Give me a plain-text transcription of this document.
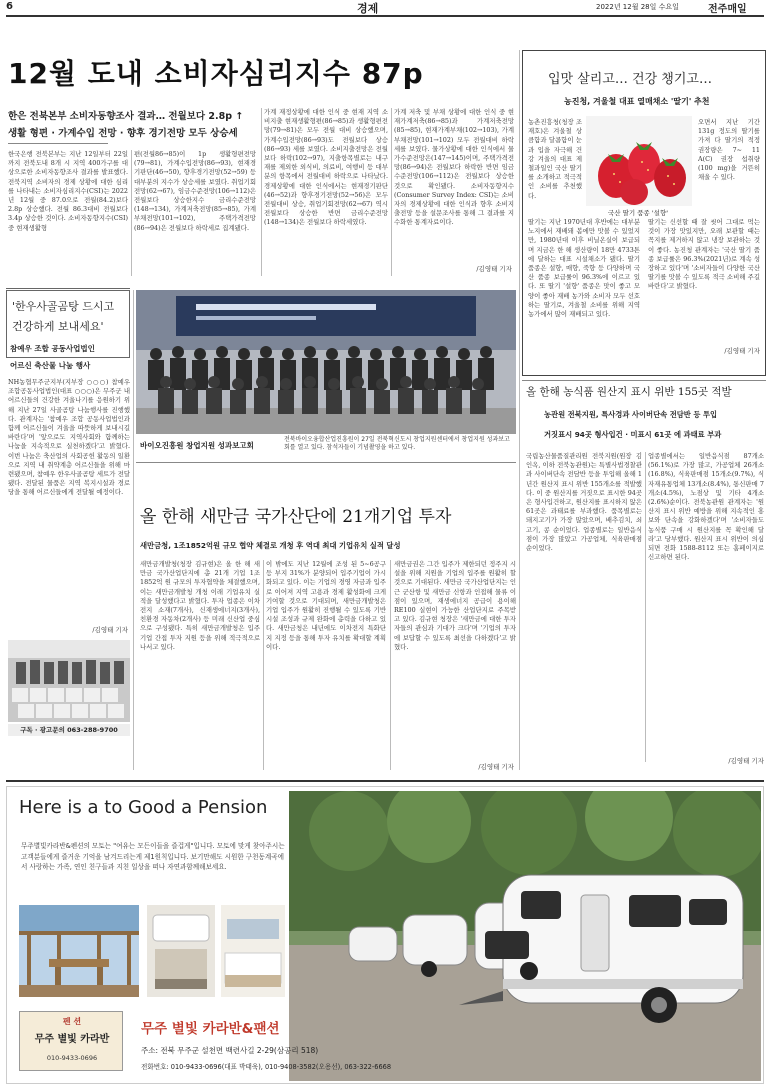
6	경제	2022년 12월 28일 수요일	전주매일
12월 도내 소비자심리지수 87p
한은 전북본부 소비자동향조사 결과… 전월보다 2.8p ↑
생활 형편 · 가계수입 전망 · 향후 경기전망 모두 상승세
한국은행 전북본부는 지난 12일부터 22일까지 전북도내 8개 시 지역 400가구를 대상으로한 소비자동향조사 결과를 발표했다. 전북지역 소비자의 경제 상황에 대한 심리를 나타내는 소비자심리지수(CSI)는 2022년 12월 중 87.0으로 전월(84.2)보다 2.8p 상승했다. 전월 86.3대비 전월보다 3.4p 상승한 것이다. 소비자동향지수(CSI) 중 현재생활형
편(전월86→85)이 1p 생활형편전망(79→81), 가계수입전망(86→93), 현재경기판단(46→50), 향후경기전망(52→59) 등 대부분의 지수가 상승세를 보였다. 취업기회전망(62→67), 임금수준전망(106→112)은 전월보다 상승한지수 금리수준전망(148→134), 가계저축전망(85→85), 가계부채전망(101→102), 주택가격전망(86→94)은 전월보다 하락세로 집계됐다.
가계 재정상황에 대한 인식 중 현재 지역 소비지출 현재생활형편(86→85)과 생활형편전망(79→81)은 모두 전월 대비 상승했으며, 가계수입전망(86→93)도 전월보다 상승(86→93) 세를 보였다. 소비지출전망은 전월보다 하락(102→97), 지출항목별로는 내구재를 제외한 외식비, 의료비, 여행비 등 대부분의 항목에서 전월대비 하락으로 나타났다. 경제상황에 대한 인식에서는 현재경기판단(46→52)과 향후경기전망(52→56)은 모두 전월대비 상승, 취업기회전망(62→67) 역시 전월보다 상승한 반면 금리수준전망(148→134)은 전월보다 하락세였다.
가계 저축 및 부채 상황에 대한 인식 중 현재가계저축(86→85)과 가계저축전망(85→85), 현재가계부채(102→103), 가계부채전망(101→102) 모두 전월대비 하락세를 보였다. 물가상황에 대한 인식에서 물가수준전망은(147→145)이며, 주택가격전망(86→94)은 전월보다 하락한 반면 임금수준전망(106→112)은 전월보다 상승한 것으로 확인됐다. 소비자동향지수(Consumer Survey Index: CSI)는 소비자의 경제상황에 대한 인식과 향후 소비지출전망 등을 설문조사를 통해 그 결과를 지수화한 통계자료이다.
/김영태 기자
입맛 살리고… 건강 챙기고…
농진청, 겨울철 대표 열매채소 '딸기' 추천
국산 딸기 품종 '설향'
농촌진흥청(청장 조재호)은 겨울철 상큼함과 달콤함이 눈과 입을 자극해 건강 겨울의 대표 제철과일인 국산 딸기를 소개하고 적극적인 소비를 추천했다.
오면서 지난 기간 131g 정도의 딸기를 가져 다 딸기의 적정 권장량은 7~ 11 A(C) 권장 섭취량(100 mg)을 거뜬히 채울 수 있다.
딸기는 지난 1970년대 후반에는 대부분 노지에서 재배돼 봄에만 맛볼 수 있었지만, 1980년대 이후 비닐온실이 보급되며 지금은 한 해 생산량이 18만 4733톤에 달하는 대표 시설채소가 됐다. 딸기 품종은 설향, 매향, 죽향 등 다양하며 국산 품종 보급률이 96.3%에 이르고 있다. 또 딸기 '설향' 품종은 맛이 좋고 모양이 좋아 재배 농가와 소비자 모두 선호하는 딸기로, 겨울철 소비를 위해 지역 농가에서 많이 재배되고 있다.
딸기는 신선할 때 잘 씻어 그대로 먹는 것이 가장 맛있지만, 오래 보관할 때는 꼭지를 제거하지 않고 냉장 보관하는 것이 좋다. 농진청 관계자는 '국산 딸기 품종 보급률은 96.3%(2021년)로 계속 성장하고 있다'며 '소비자들이 다양한 국산 딸기를 맛볼 수 있도록 적극 소비해 주길 바란다'고 밝혔다.
/김영태 기자
'한우사골곰탕 드시고
건강하게 보내세요'
참예우 조합 공동사업법인
어르신 축산물 나눔 행사
NH농협무주군지부(지부장 ○○○) 참예우 조합공동사업법인(대표 ○○○)은 무주군 내 어르신들의 건강한 겨울나기를 응원하기 위해 지난 27일 사골곰탕 나눔행사를 진행했다. 관계자는 '참예우 조합 공동사업법인과 함께 어르신들이 겨울을 따뜻하게 보내시길 바란다'며 '앞으로도 지역사회와 함께하는 나눔을 지속적으로 실천하겠다'고 밝혔다. 이번 나눔은 축산업의 사회공헌 활동의 일환으로 지역 내 취약계층 어르신들을 위해 마련됐으며, 참예우 한우사골곰탕 세트가 전달됐다. 전달된 물품은 지역 복지시설과 경로당을 통해 어르신들에게 전달될 예정이다.
/김영태 기자
구독 · 광고문의 063-288-9700
바이오진흥원 창업지원 성과보고회
전북바이오융합산업진흥원이 27일 전북혁신도시 창업지원센터에서 창업지원 성과보고회를 열고 있다. 참석자들이 기념촬영을 하고 있다.
올 한해 새만금 국가산단에 21개기업 투자
새만금청, 1조1852억원 규모 협약 체결로 개청 후 역대 최대 기업유치 실적 달성
새만금개발청(청장 김규현)은 올 한 해 새만금 국가산업단지에 총 21개 기업 1조 1852억 원 규모의 투자협약을 체결했으며, 이는 새만금개발청 개청 이래 기업유치 실적을 달성했다고 밝혔다. 투자 업종은 이차전지 소재(7개사), 신재생에너지(3개사), 친환경 자동차(2개사) 등 미래 신산업 중심으로 구성됐다. 특히 새만금개발청은 입주기업 간접 투자 지원 등을 위해 적극적으로 나서고 있다.
이 밖에도 지난 12월에 조성 된 5~6공구 등 부지 31%가 분양되어 입주기업이 가시화되고 있다. 이는 기업의 경영 자금과 입주로 이어져 지역 고용과 경제 활성화에 크게 기여할 것으로 기대되며, 새만금개발청은 기업 입주가 원활히 진행될 수 있도록 기반시설 조성과 규제 완화에 총력을 다하고 있다. 새만금청은 내년에도 이차전지 특화단지 지정 등을 통해 투자 유치를 확대할 계획이다.
새만금권은 그간 입주가 제한되던 정주지 시설을 위해 지원을 기업의 입주를 원활히 할 것으로 기대된다. 새만금 국가산업단지는 인근 군산항 및 새만금 신항과 인접해 물류 이점이 있으며, 재생에너지 공급이 용이해 RE100 실현이 가능한 산업단지로 주목받고 있다. 김규현 청장은 '새만금에 대한 투자자들의 관심과 기대가 크다'며 '기업의 투자에 보답할 수 있도록 최선을 다하겠다'고 밝혔다.
/김영태 기자
올 한해 농식품 원산지 표시 위반 155곳 적발
농관원 전북지원, 특사경과 사이버단속 전담반 등 투입
거짓표시 94곳 형사입건 · 미표시 61곳 에 과태료 부과
국립농산물품질관리원 전북지원(원장 김인옥, 이하 전북농관원)는 특별사법경찰관과 사이버단속 전담반 등을 투입해 올해 1년간 원산지 표시 위반 155개소를 적발했다. 이 중 원산지를 거짓으로 표시한 94곳은 형사입건하고, 원산지를 표시하지 않은 61곳은 과태료를 부과했다. 품목별로는 돼지고기가 가장 많았으며, 배추김치, 쇠고기, 콩 순이었다. 업종별로는 일반음식점이 가장 많았고 가공업체, 식육판매점 순이었다.
업종별에서는 일반음식점 87개소(56.1%)로 가장 많고, 가공업체 26개소(16.8%), 식육판매점 15개소(9.7%), 식자재유통업체 13개소(8.4%), 통신판매 7개소(4.5%), 노점상 및 기타 4개소(2.6%)순이다. 전북농관원 관계자는 '원산지 표시 위반 예방을 위해 지속적인 홍보와 단속을 강화하겠다'며 '소비자들도 농식품 구매 시 원산지를 꼭 확인해 달라'고 당부했다. 원산지 표시 위반이 의심되면 전화 1588-8112 또는 홈페이지로 신고하면 된다.
/김영태 기자
Here is a to Good a Pension
무주별빛카라반&펜션의 모토는 "여유는 모든이들을 즐겁게"입니다. 모토에 맞게 찾아주시는 고객분들에게 즐거운 기억을 남겨드리는게 제1원칙입니다. 보기만해도 시원한 구천동계곡에서 사랑하는 가족, 연인 친구들과 지친 일상을 떠나 자연과함께해보세요.
펜 션
무주 별빛 카라반
010-9433-0696
무주 별빛 카라반&팬션
주소: 전북 무주군 설천면 백련사길 2-29(삼공리 518)
전화번호: 010-9433-0696(대표 박태욱), 010-9408-3582(오용선), 063-322-6668
